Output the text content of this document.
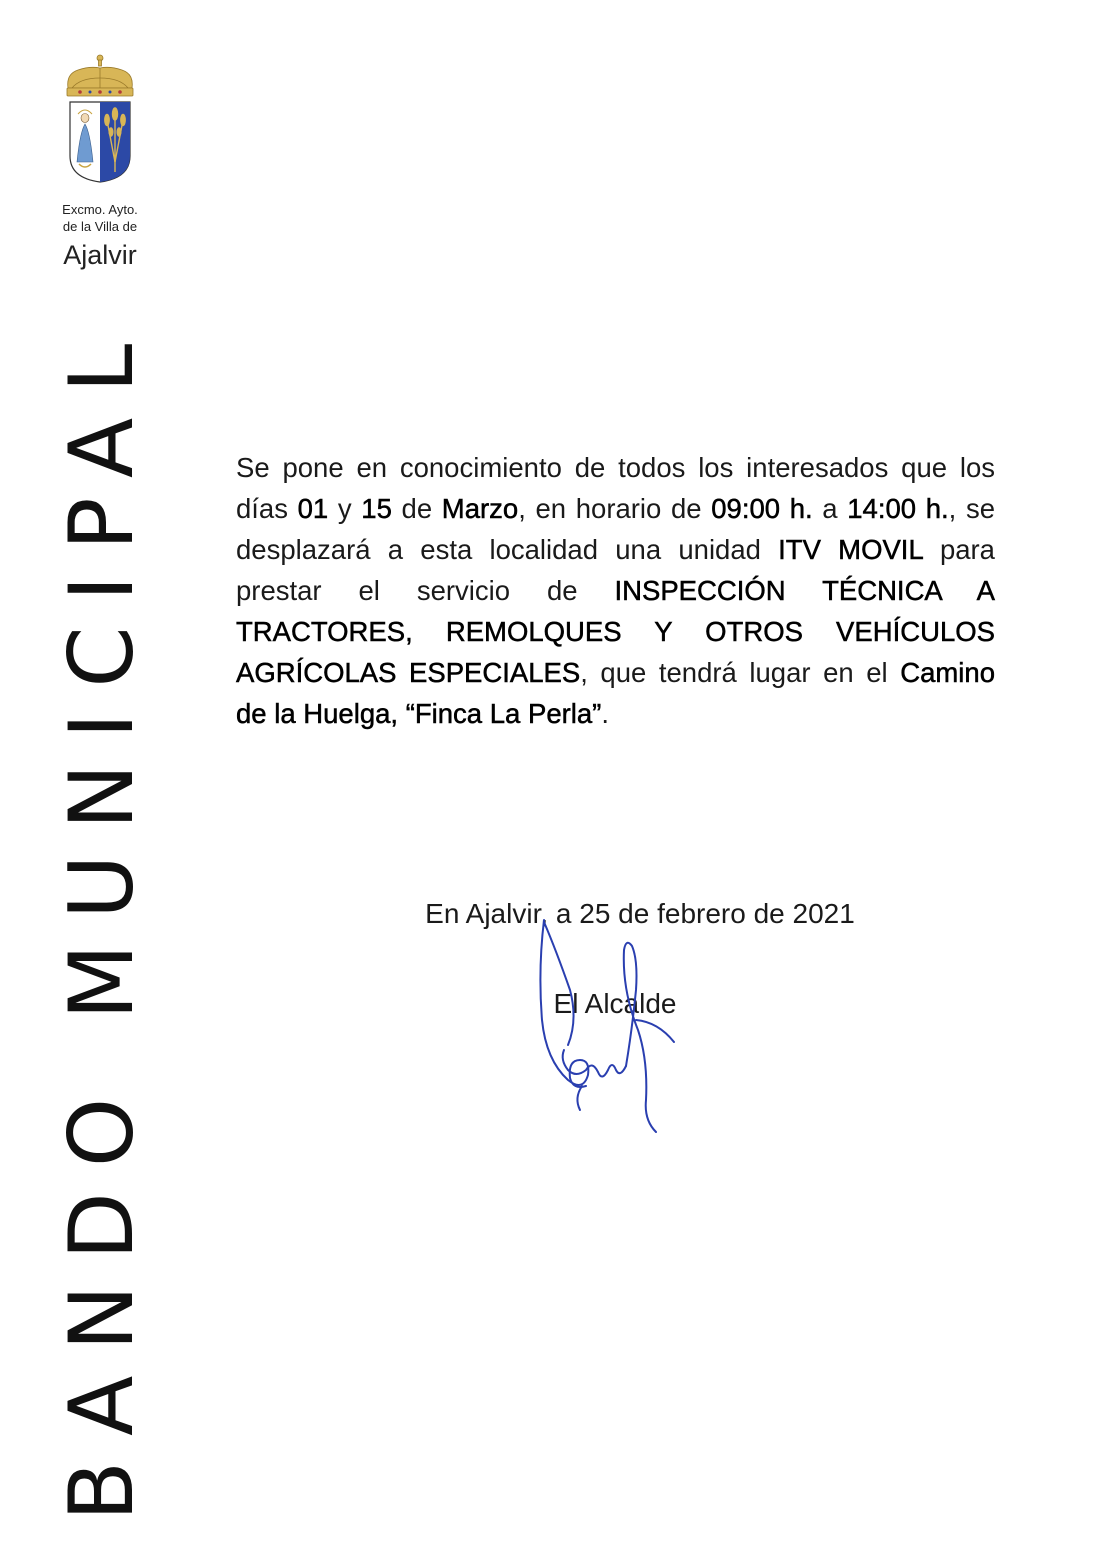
Excmo. Ayto.
de la Villa de
Ajalvir
BANDO MUNICIPAL	Se pone en conocimiento de todos los interesados que los días 01 y 15 de Marzo, en horario de 09:00 h. a 14:00 h., se desplazará a esta localidad una unidad ITV MOVIL para prestar el servicio de INSPECCIÓN TÉCNICA A TRACTORES, REMOLQUES Y OTROS VEHÍCULOS AGRÍCOLAS ESPECIALES, que tendrá lugar en el Camino de la Huelga, “Finca La Perla”.
En Ajalvir, a 25 de febrero de 2021
El Alcalde
